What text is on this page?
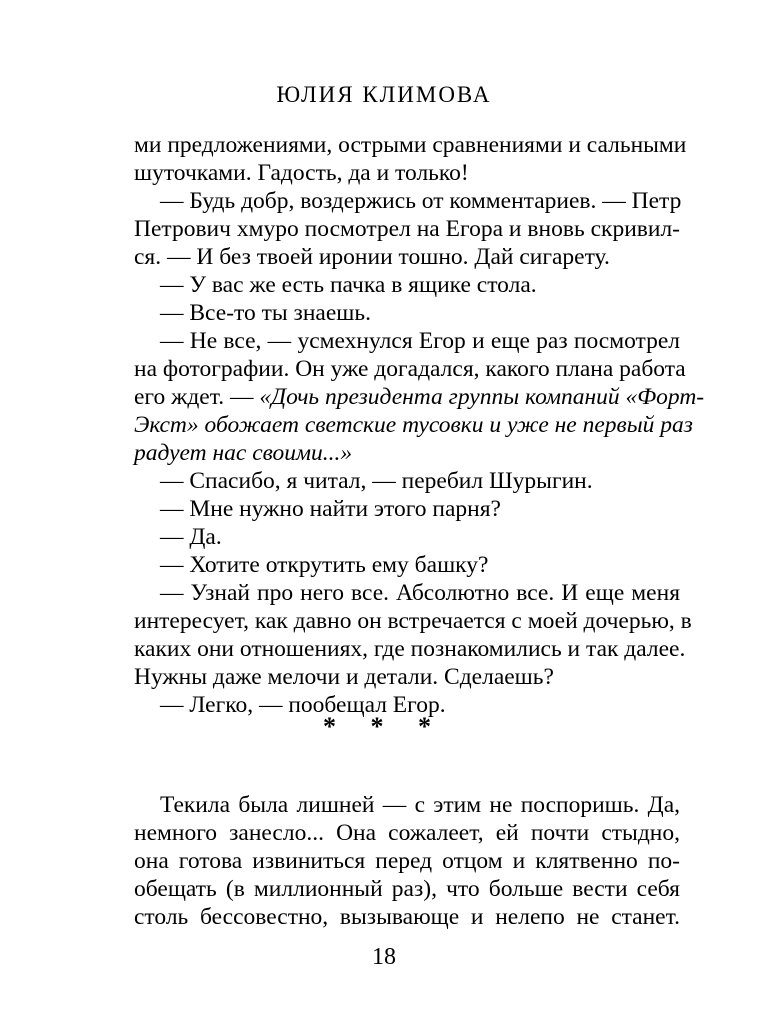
ЮЛИЯ КЛИМОВА
ми предложениями, острыми сравнениями и сальными
шуточками. Гадость, да и только!
— Будь добр, воздержись от комментариев. — Петр
Петрович хмуро посмотрел на Егора и вновь скривил-
ся. — И без твоей иронии тошно. Дай сигарету.
— У вас же есть пачка в ящике стола.
— Все-то ты знаешь.
— Не все, — усмехнулся Егор и еще раз посмотрел
на фотографии. Он уже догадался, какого плана работа
его ждет. — «Дочь президента группы компаний «Форт-
Экст» обожает светские тусовки и уже не первый раз
радует нас своими...»
— Спасибо, я читал, — перебил Шурыгин.
— Мне нужно найти этого парня?
— Да.
— Хотите открутить ему башку?
— Узнай про него все. Абсолютно все. И еще меня
интересует, как давно он встречается с моей дочерью, в
каких они отношениях, где познакомились и так далее.
Нужны даже мелочи и детали. Сделаешь?
— Легко, — пообещал Егор.
* * *
Текила была лишней — с этим не поспоришь. Да,
немного занесло... Она сожалеет, ей почти стыдно,
она готова извиниться перед отцом и клятвенно по-
обещать (в миллионный раз), что больше вести себя
столь бессовестно, вызывающе и нелепо не станет.
18
